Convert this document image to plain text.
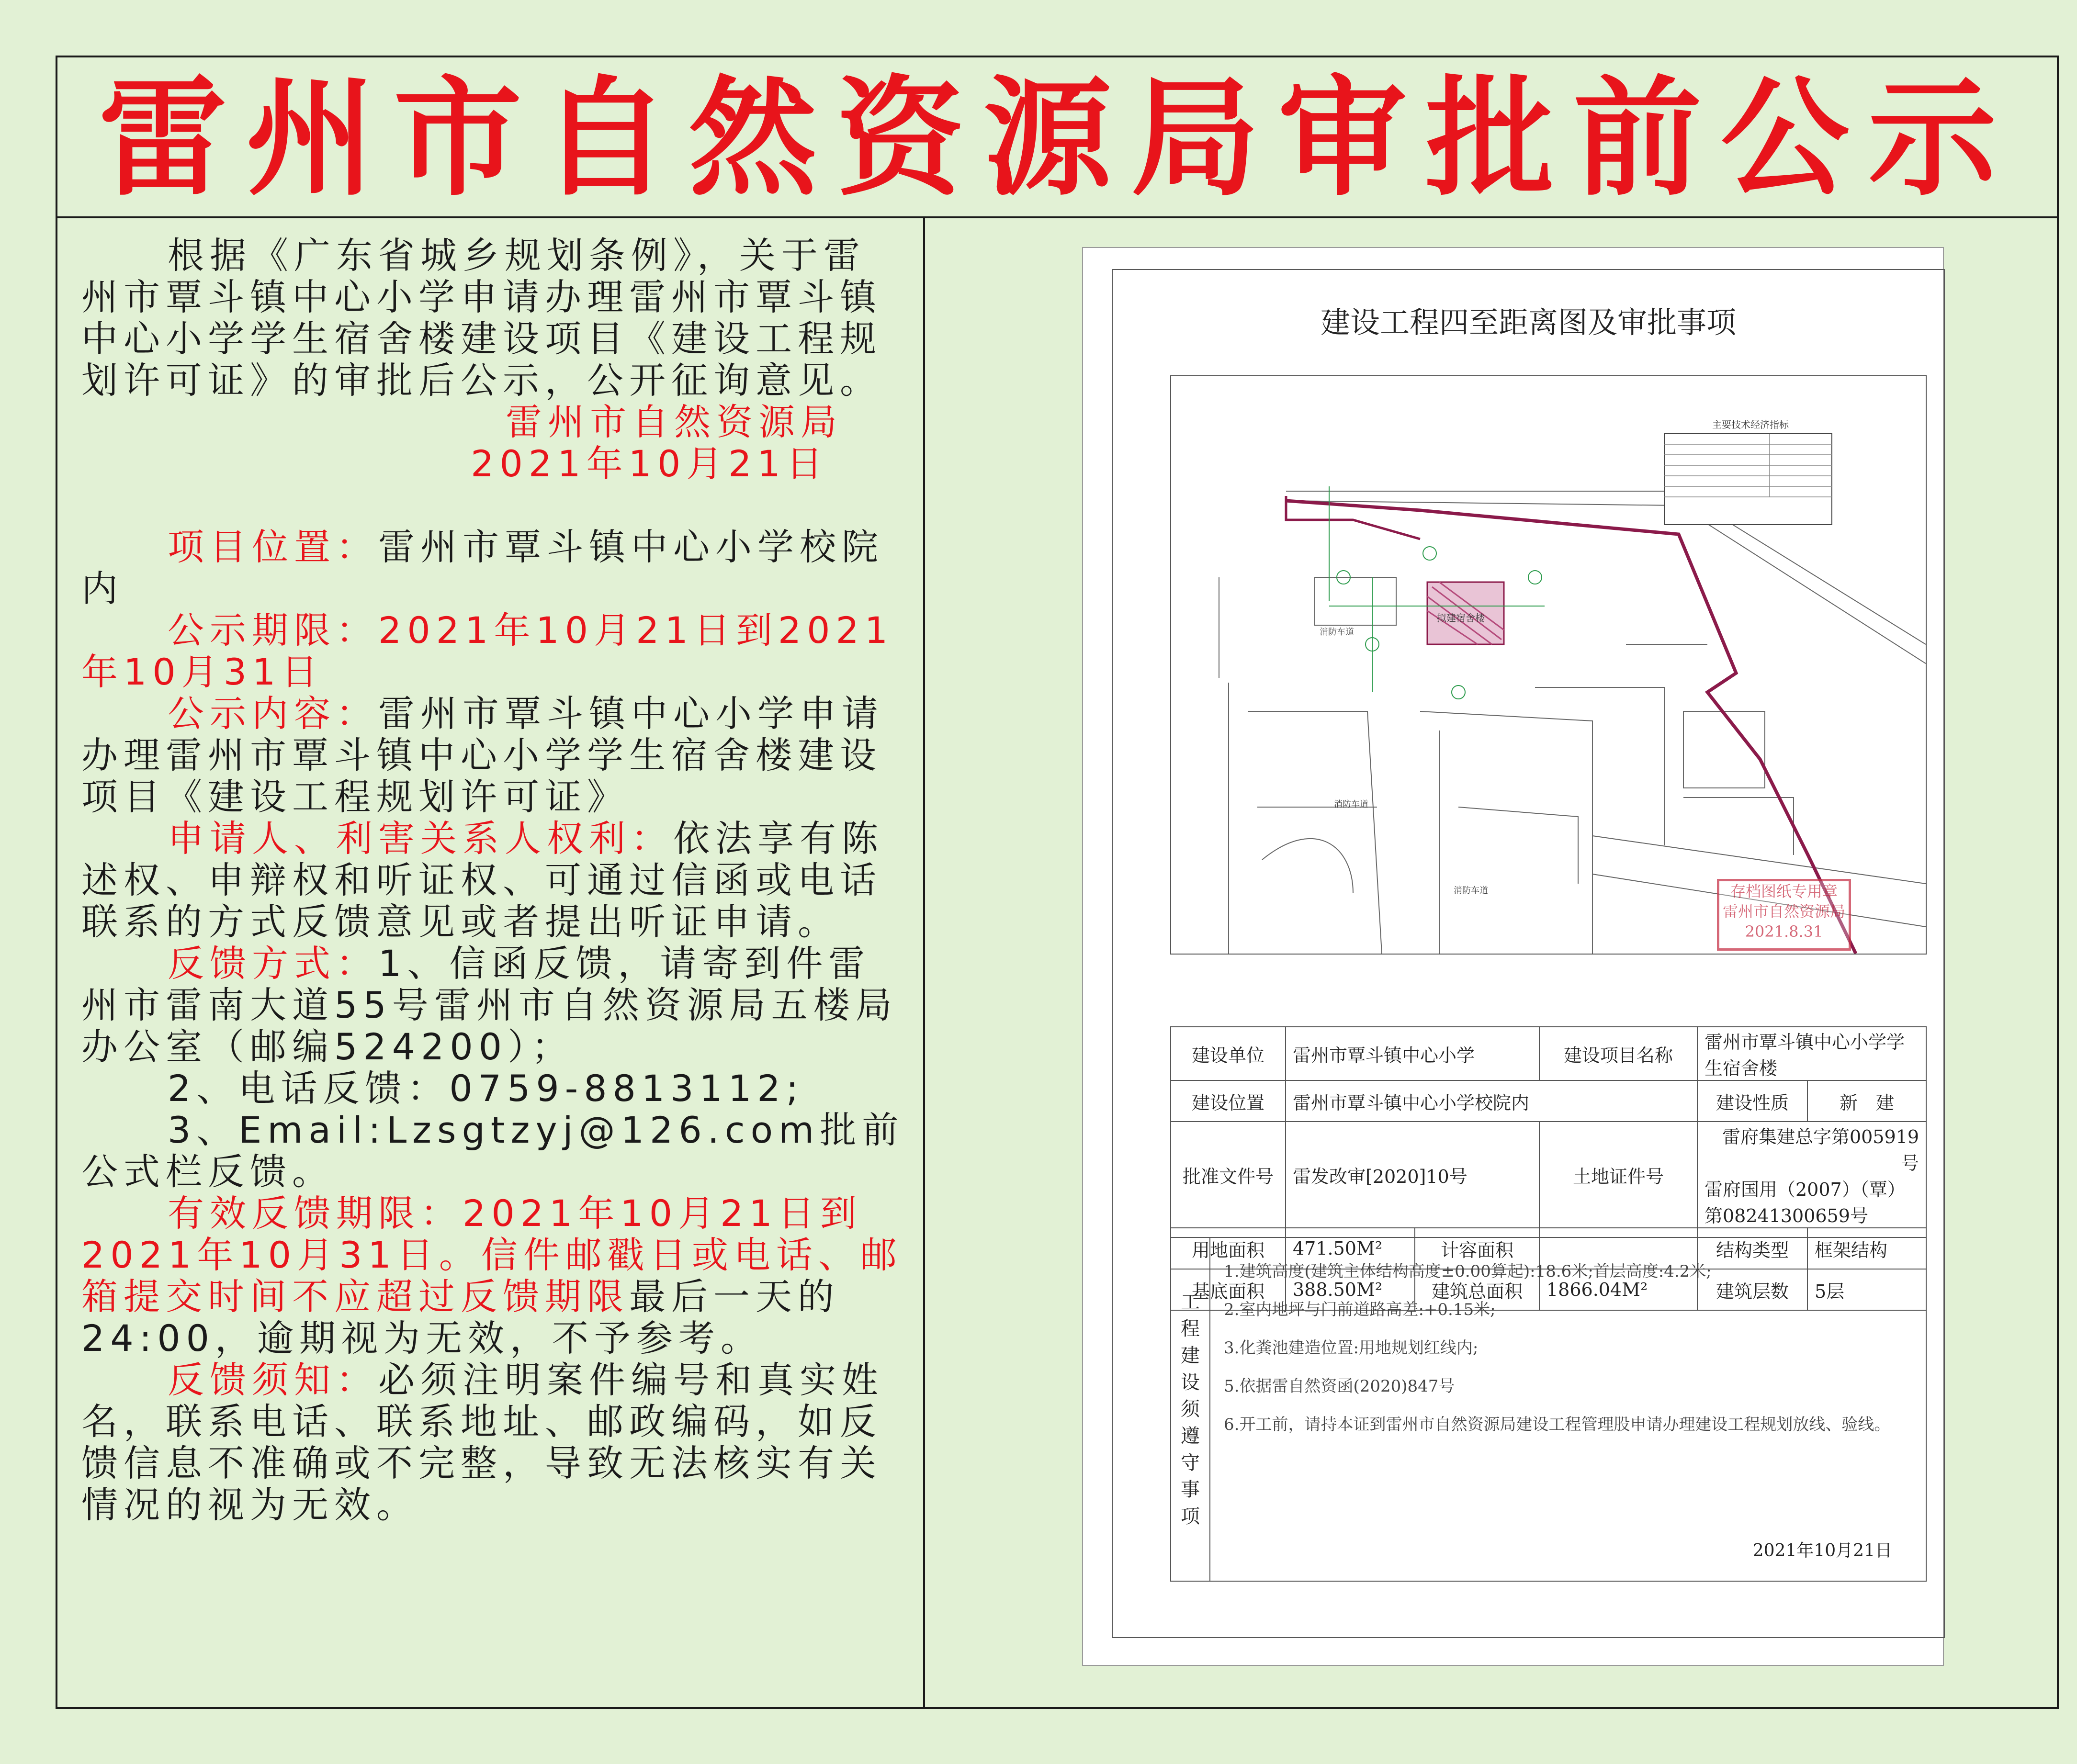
雷州市自然资源局审批前公示

根据《广东省城乡规划条例》，关于雷州市覃斗镇中心小学申请办理雷州市覃斗镇中心小学学生宿舍楼建设项目《建设工程规划许可证》的审批后公示，公开征询意见。

雷州市自然资源局

2021年10月21日

项目位置：雷州市覃斗镇中心小学校院内

公示期限：2021年10月21日到2021年10月31日

公示内容：雷州市覃斗镇中心小学申请办理雷州市覃斗镇中心小学学生宿舍楼建设项目《建设工程规划许可证》

申请人、利害关系人权利：依法享有陈述权、申辩权和听证权、可通过信函或电话联系的方式反馈意见或者提出听证申请。

反馈方式：1、信函反馈，请寄到件雷州市雷南大道55号雷州市自然资源局五楼局办公室（邮编524200）；

2、电话反馈：0759-8813112;

3、Email:Lzsgtzyj@126.com批前公式栏反馈。

有效反馈期限：2021年10月21日到2021年10月31日。信件邮戳日或电话、邮箱提交时间不应超过反馈期限最后一天的24:00，逾期视为无效，不予参考。

反馈须知：必须注明案件编号和真实姓名，联系电话、联系地址、邮政编码，如反馈信息不准确或不完整，导致无法核实有关情况的视为无效。

建设工程四至距离图及审批事项
拟建宿舍楼
主要技术经济指标
消防车道
消防车道
消防车道	存档图纸专用章
雷州市自然资源局
2021.8.31
建设单位	雷州市覃斗镇中心小学		建设项目名称	雷州市覃斗镇中心小学学生宿舍楼	
建设位置	雷州市覃斗镇中心小学校院内			建设性质	新　建
批准文件号	雷发改审[2020]10号		土地证件号	雷府集建总字第005919号
雷府国用（2007）（覃）第08241300659号	

用地面积	471.50M²	计容面积		结构类型	框架结构
基底面积	388.50M²	建筑总面积	1866.04M²	建筑层数	5层
工
程
建
设
须
遵
守
事
项
1.建筑高度(建筑主体结构高度±0.00算起):18.6米;首层高度:4.2米;
2.室内地坪与门前道路高差:+0.15米;
3.化粪池建造位置:用地规划红线内;
5.依据雷自然资函(2020)847号
6.开工前，请持本证到雷州市自然资源局建设工程管理股申请办理建设工程规划放线、验线。
2021年10月21日
